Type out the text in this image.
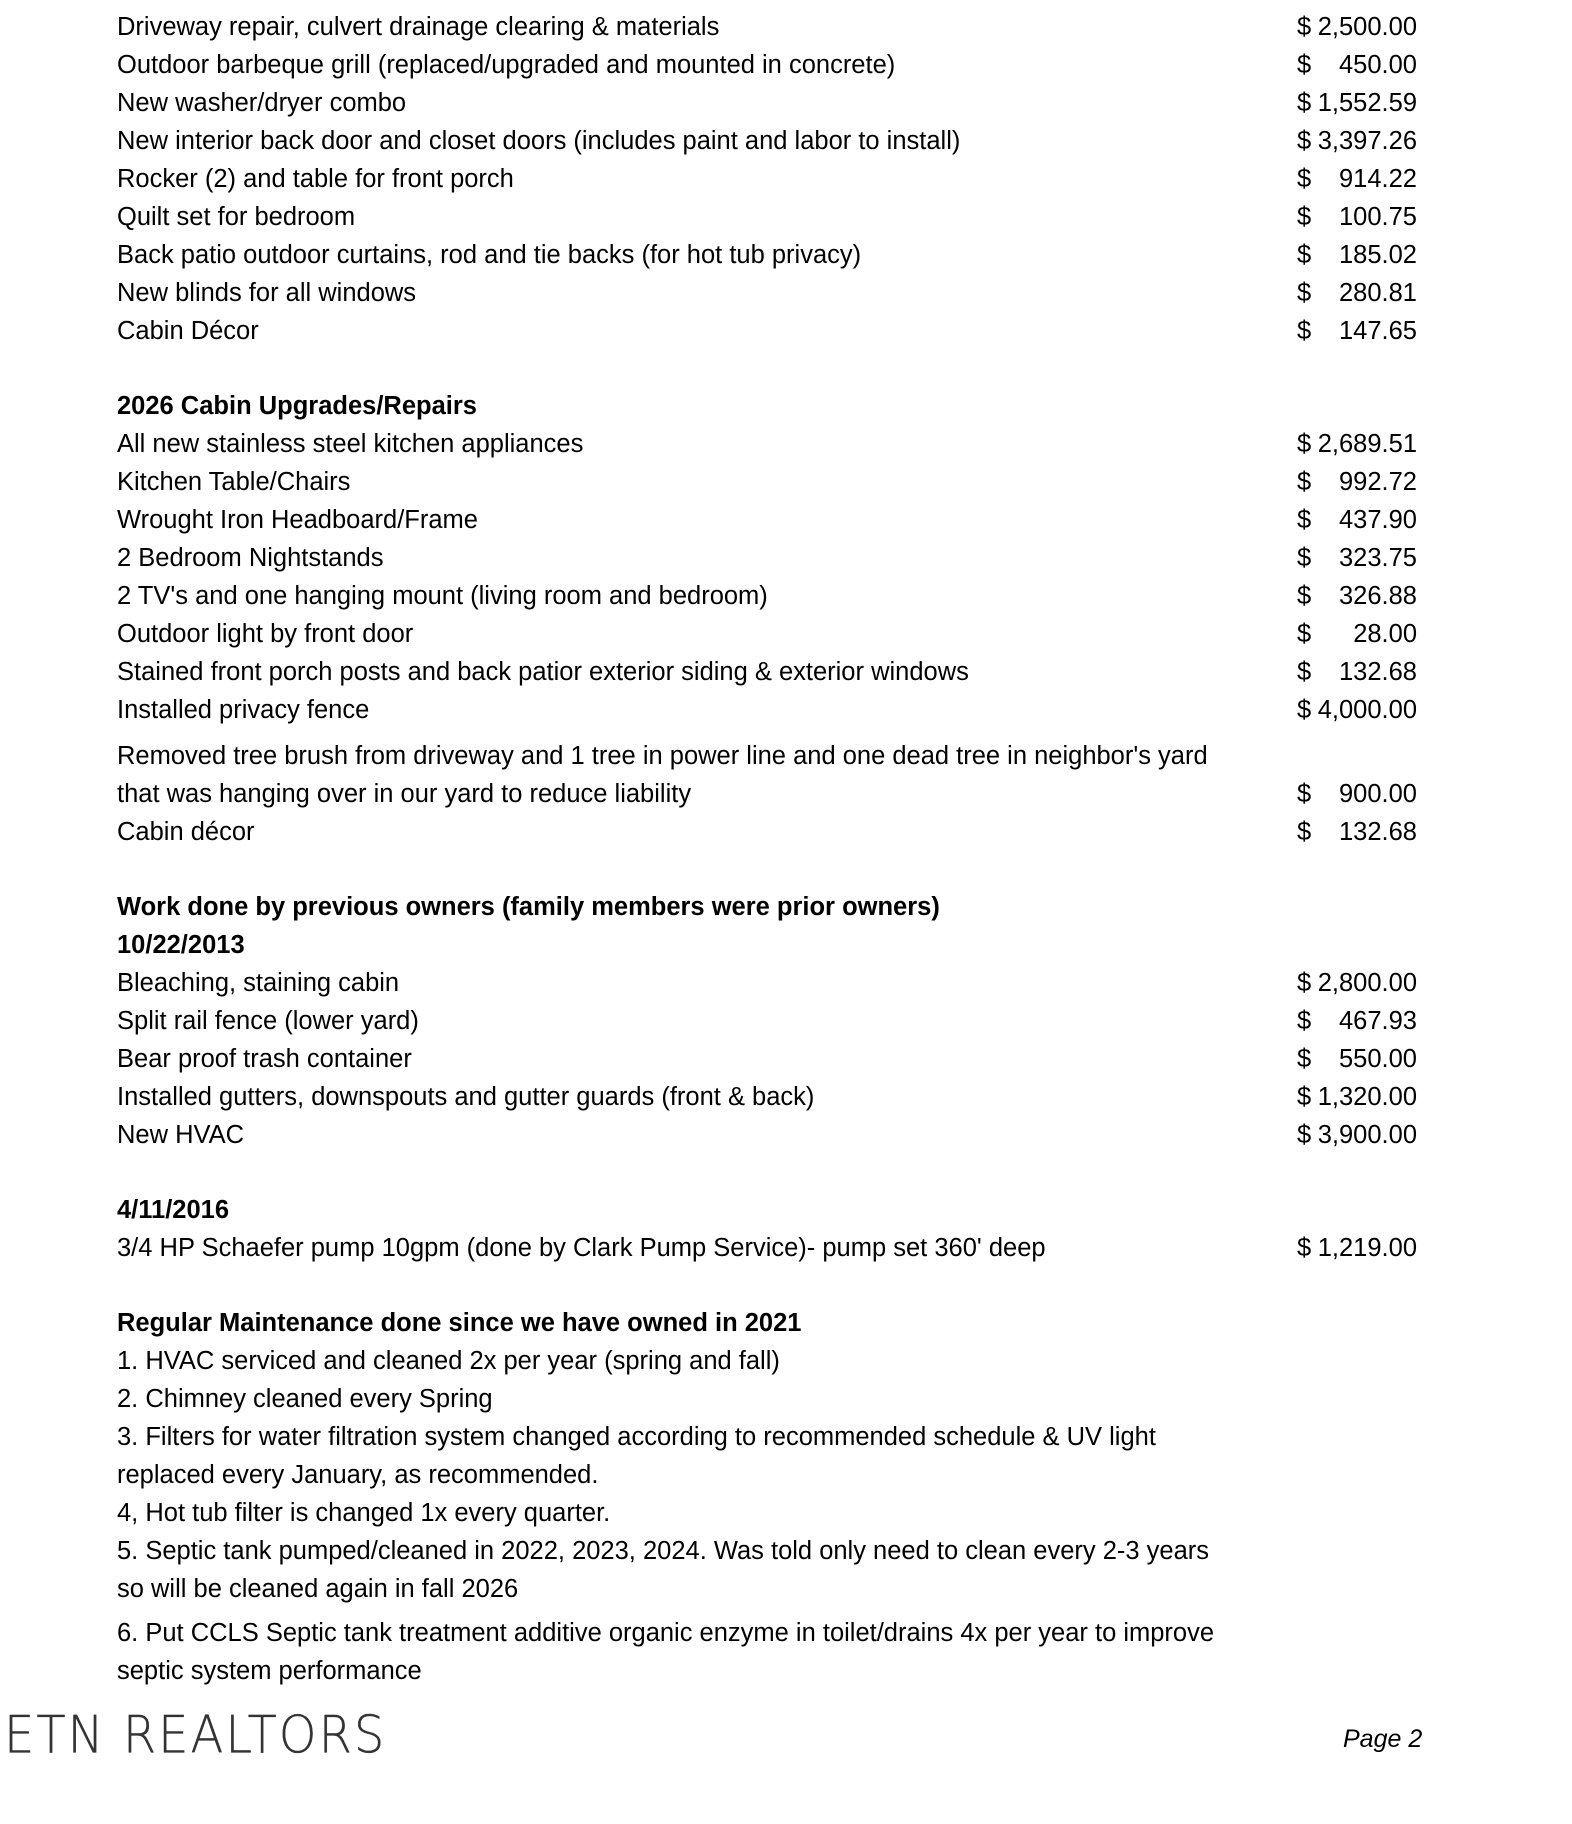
Driveway repair, culvert drainage clearing & materials	$ 2,500.00
Outdoor barbeque grill (replaced/upgraded and mounted in concrete)	$ 450.00
New washer/dryer combo	$ 1,552.59
New interior back door and closet doors (includes paint and labor to install)	$ 3,397.26
Rocker (2) and table for front porch	$ 914.22
Quilt set for bedroom	$ 100.75
Back patio outdoor curtains, rod and tie backs (for hot tub privacy)	$ 185.02
New blinds for all windows	$ 280.81
Cabin Décor	$ 147.65
2026 Cabin Upgrades/Repairs
All new stainless steel kitchen appliances	$ 2,689.51
Kitchen Table/Chairs	$ 992.72
Wrought Iron Headboard/Frame	$ 437.90
2 Bedroom Nightstands	$ 323.75
2 TV's and one hanging mount (living room and bedroom)	$ 326.88
Outdoor light by front door	$ 28.00
Stained front porch posts and back patior exterior siding & exterior windows	$ 132.68
Installed privacy fence	$ 4,000.00
Removed tree brush from driveway and 1 tree in power line and one dead tree in neighbor's yard
that was hanging over in our yard to reduce liability	$ 900.00
Cabin décor	$ 132.68
Work done by previous owners (family members were prior owners)
10/22/2013
Bleaching, staining cabin	$ 2,800.00
Split rail fence (lower yard)	$ 467.93
Bear proof trash container	$ 550.00
Installed gutters, downspouts and gutter guards (front & back)	$ 1,320.00
New HVAC	$ 3,900.00
4/11/2016
3/4 HP Schaefer pump 10gpm (done by Clark Pump Service)- pump set 360' deep	$ 1,219.00
Regular Maintenance done since we have owned in 2021
1. HVAC serviced and cleaned 2x per year (spring and fall)
2. Chimney cleaned every Spring
3. Filters for water filtration system changed according to recommended schedule & UV light
replaced every January, as recommended.
4, Hot tub filter is changed 1x every quarter.
5. Septic tank pumped/cleaned in 2022, 2023, 2024. Was told only need to clean every 2-3 years
so will be cleaned again in fall 2026
6. Put CCLS Septic tank treatment additive organic enzyme in toilet/drains 4x per year to improve
septic system performance
ETN REALTORS	Page 2
